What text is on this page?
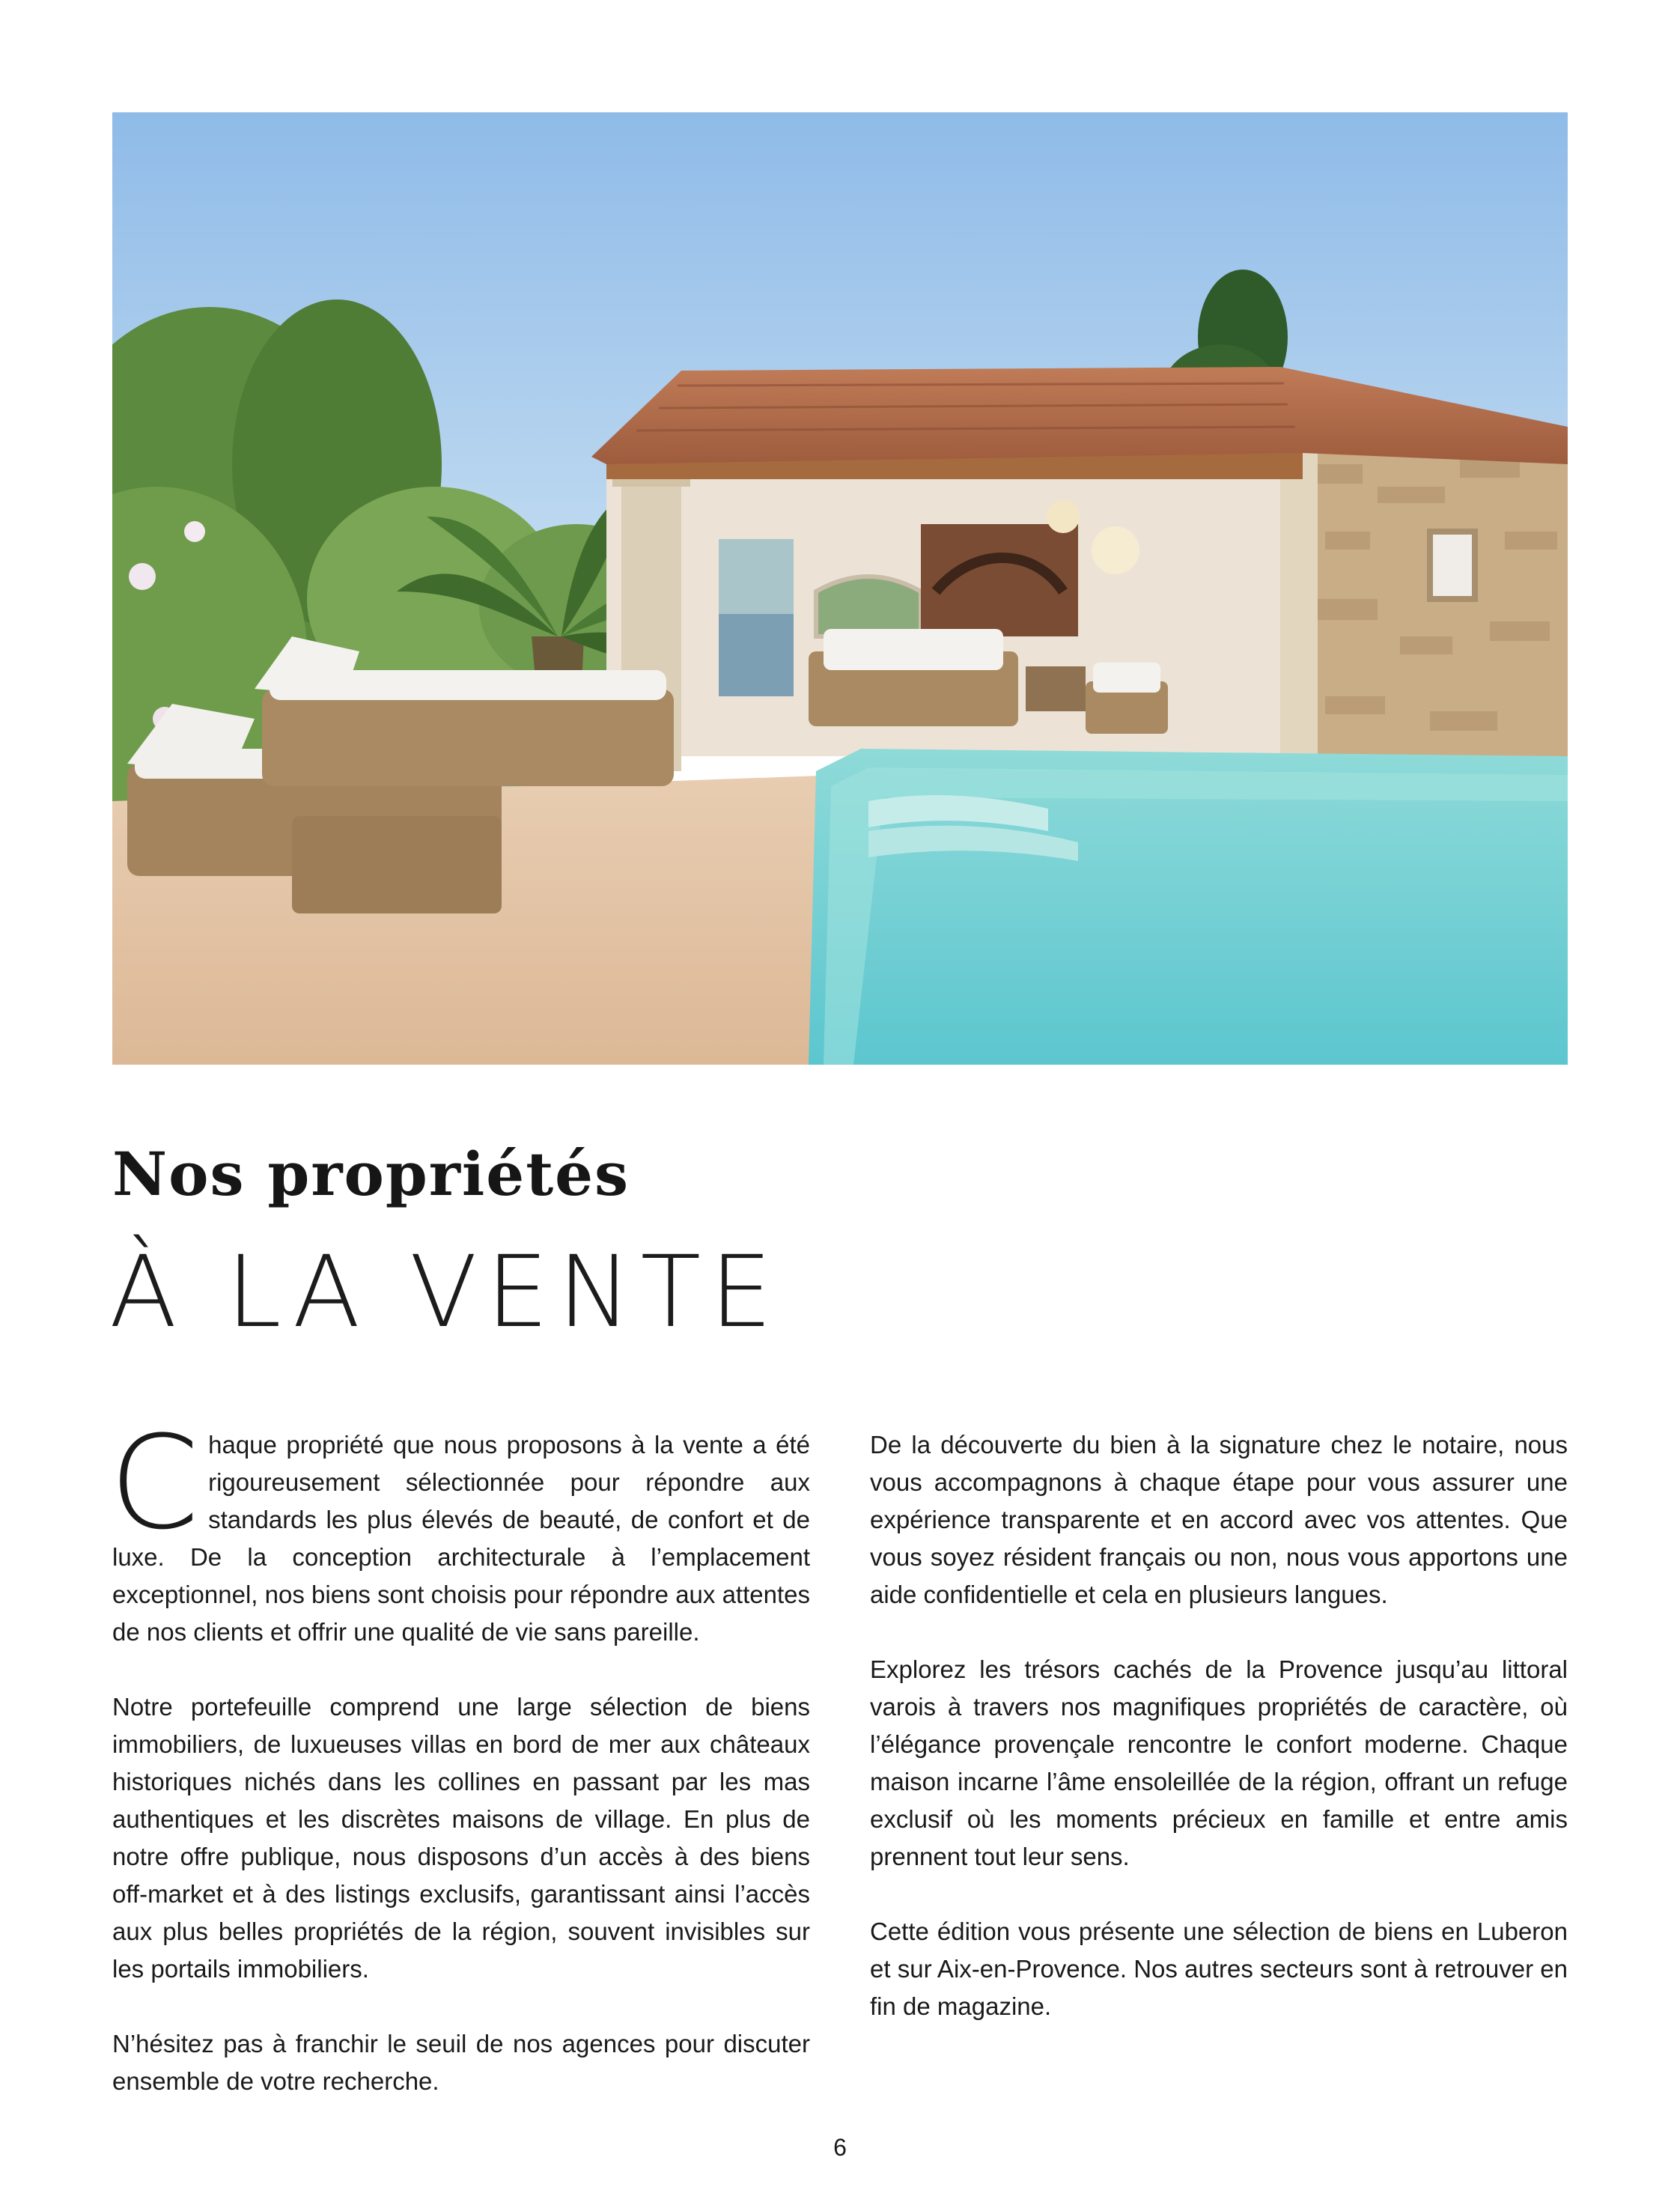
Nos propriétés
À LA VENTE

Chaque propriété que nous proposons à la vente a été rigoureusement sélectionnée pour répondre aux standards les plus élevés de beauté, de confort et de luxe. De la conception architecturale à l’emplacement exceptionnel, nos biens sont choisis pour répondre aux attentes de nos clients et offrir une qualité de vie sans pareille.

Notre portefeuille comprend une large sélection de biens immobiliers, de luxueuses villas en bord de mer aux châteaux historiques nichés dans les collines en passant par les mas authentiques et les discrètes maisons de village. En plus de notre offre publique, nous disposons d’un accès à des biens off-market et à des listings exclusifs, garantissant ainsi l’accès aux plus belles propriétés de la région, souvent invisibles sur les portails immobiliers.

N’hésitez pas à franchir le seuil de nos agences pour discuter ensemble de votre recherche.

De la découverte du bien à la signature chez le notaire, nous vous accompagnons à chaque étape pour vous assurer une expérience transparente et en accord avec vos attentes. Que vous soyez résident français ou non, nous vous apportons une aide confidentielle et cela en plusieurs langues.

Explorez les trésors cachés de la Provence jusqu’au littoral varois à travers nos magnifiques propriétés de caractère, où l’élégance provençale rencontre le confort moderne. Chaque maison incarne l’âme ensoleillée de la région, offrant un refuge exclusif où les moments précieux en famille et entre amis prennent tout leur sens.

Cette édition vous présente une sélection de biens en Luberon et sur Aix-en-Provence. Nos autres secteurs sont à retrouver en fin de magazine.

6
